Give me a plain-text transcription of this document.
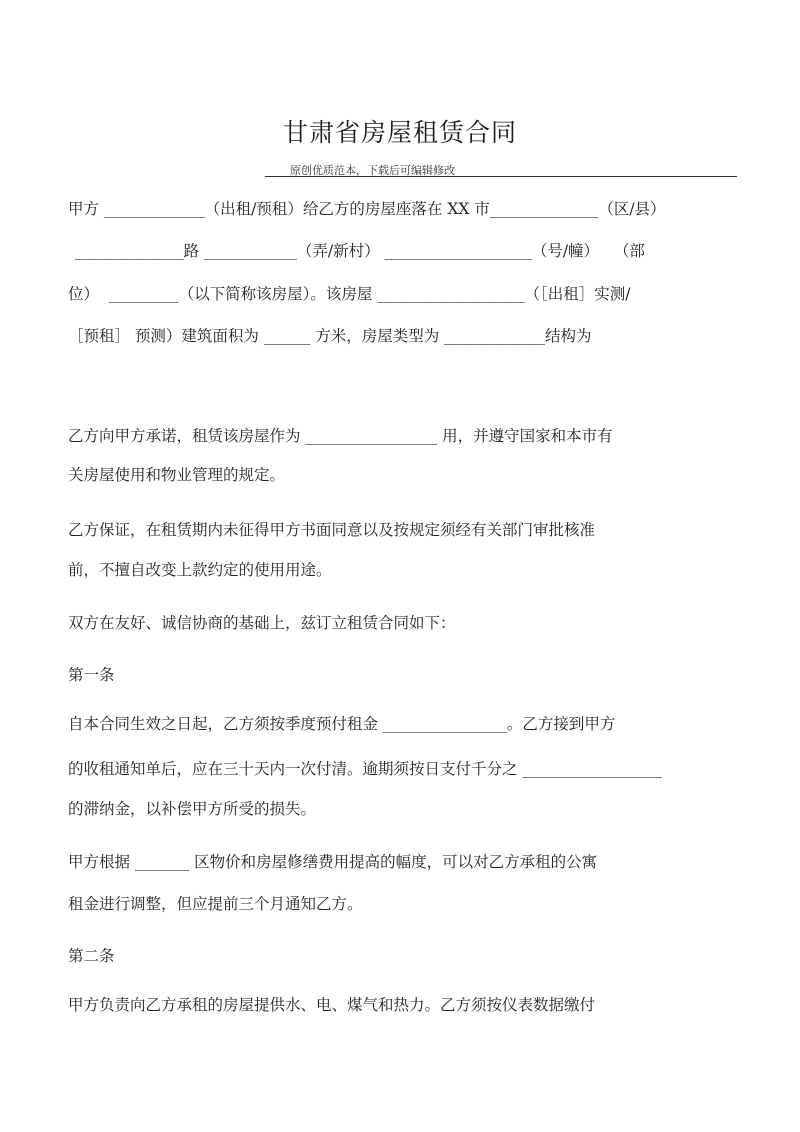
甘肃省房屋租赁合同
原创优质范本，下载后可编辑修改
甲方 _____________（出租/预租）给乙方的房屋座落在 XX 市______________（区/县）
______________路 ____________（弄/新村） ___________________（号/幢）   （部
位）  _________（以下简称该房屋）。该房屋 ___________________（［出租］实测/
［预租］ 预测）建筑面积为 ______ 方米，房屋类型为 _____________结构为
乙方向甲方承诺，租赁该房屋作为 _________________ 用，并遵守国家和本市有
关房屋使用和物业管理的规定。
乙方保证，在租赁期内未征得甲方书面同意以及按规定须经有关部门审批核准
前，不擅自改变上款约定的使用用途。
双方在友好、诚信协商的基础上，兹订立租赁合同如下：
第一条
自本合同生效之日起，乙方须按季度预付租金 ________________。乙方接到甲方
的收租通知单后，应在三十天内一次付清。逾期须按日支付千分之 __________________
的滞纳金，以补偿甲方所受的损失。
甲方根据 _______ 区物价和房屋修缮费用提高的幅度，可以对乙方承租的公寓
租金进行调整，但应提前三个月通知乙方。
第二条
甲方负责向乙方承租的房屋提供水、电、煤气和热力。乙方须按仪表数据缴付
